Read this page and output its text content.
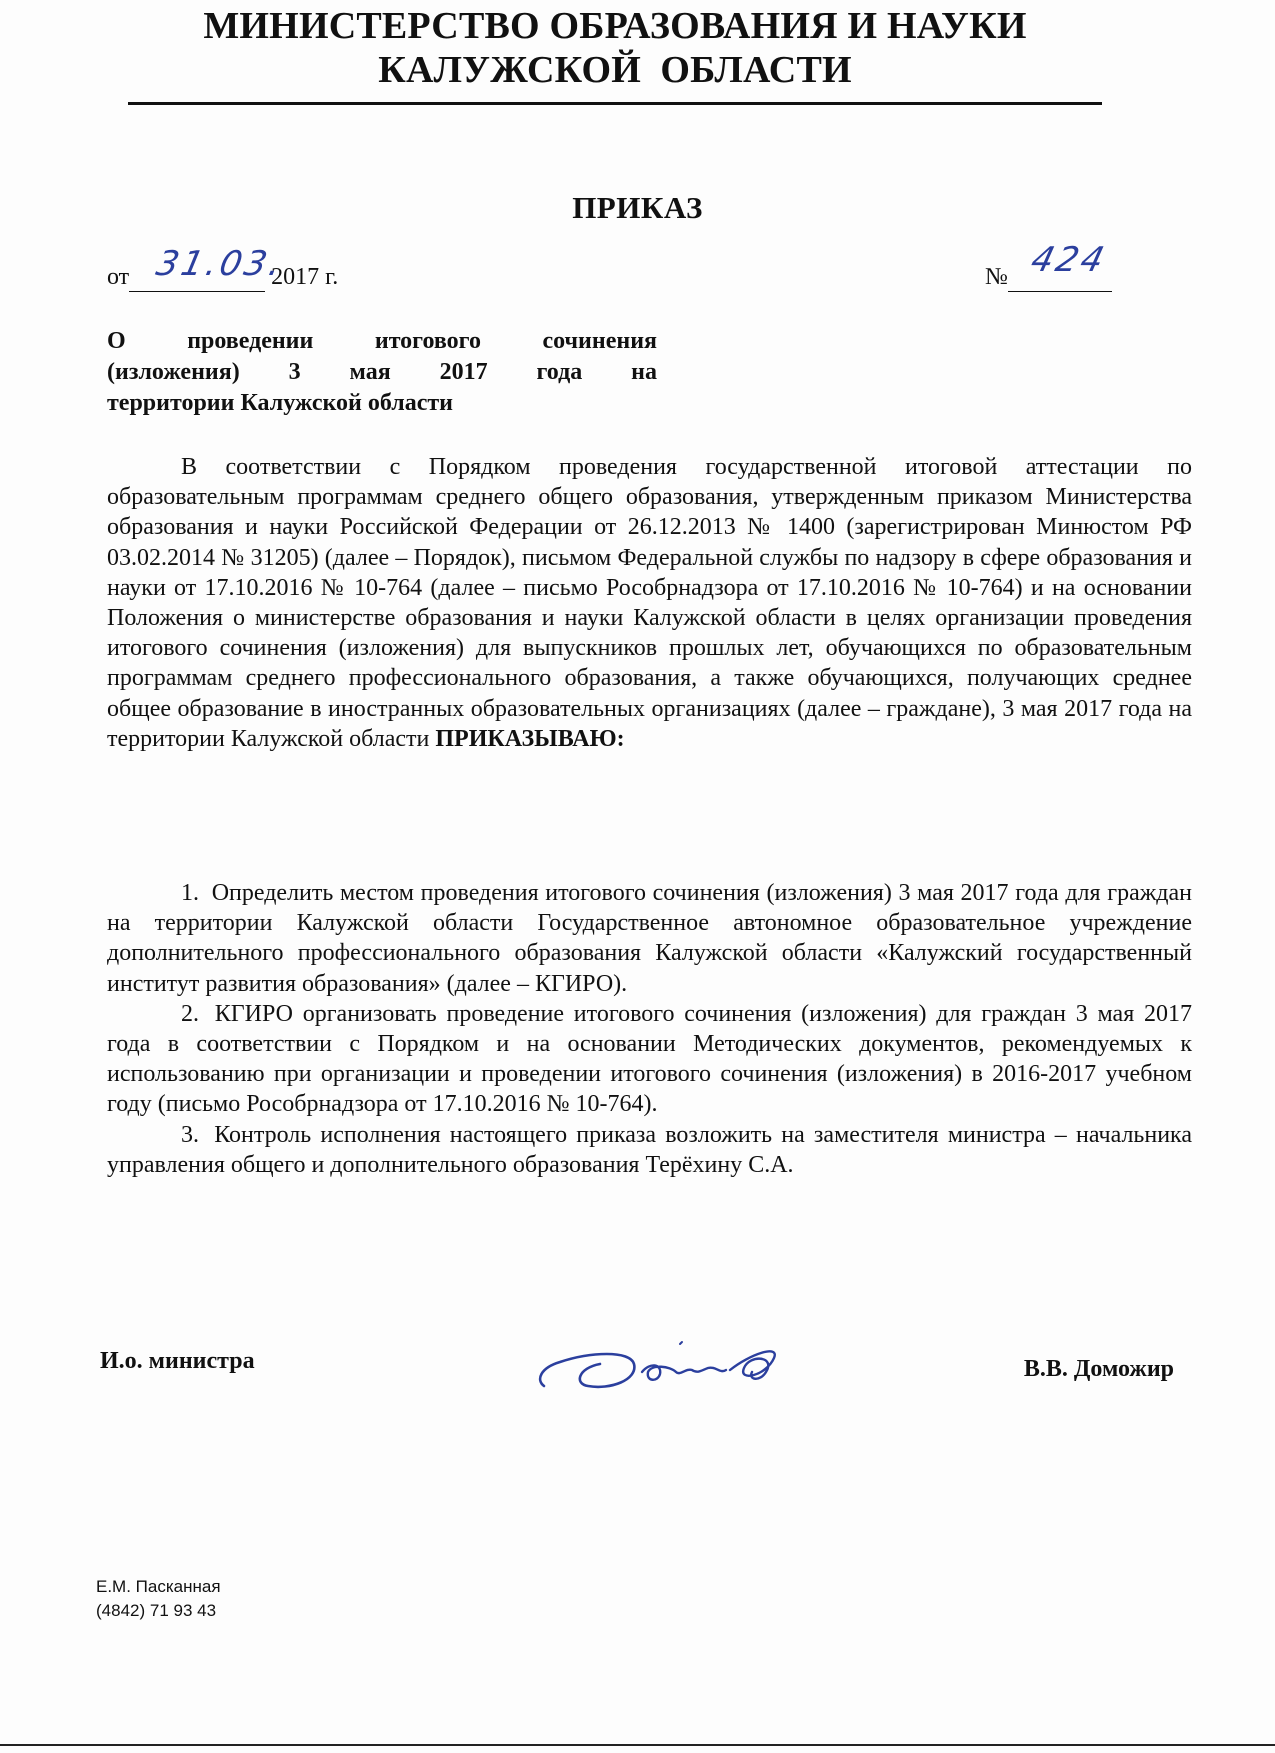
МИНИСТЕРСТВО ОБРАЗОВАНИЯ И НАУКИ
КАЛУЖСКОЙ  ОБЛАСТИ
ПРИКАЗ
от 31.03.
2017 г.	№ 424
О    проведении    итогового    сочинения
(изложения)    3    мая    2017    года    на
территории Калужской области
В соответствии с Порядком проведения государственной итоговой аттестации по образовательным программам среднего общего образования, утвержденным приказом Министерства образования и науки Российской Федерации от 26.12.2013 № 1400 (зарегистрирован Минюстом РФ 03.02.2014 № 31205) (далее – Порядок), письмом Федеральной службы по надзору в сфере образования и науки от 17.10.2016 № 10-764 (далее – письмо Рособрнадзора от 17.10.2016 № 10-764) и на основании Положения о министерстве образования и науки Калужской области в целях организации проведения итогового сочинения (изложения) для выпускников прошлых лет, обучающихся по образовательным программам среднего профессионального образования, а также обучающихся, получающих среднее общее образование в иностранных образовательных организациях (далее – граждане), 3 мая 2017 года на территории Калужской области ПРИКАЗЫВАЮ:
1. Определить местом проведения итогового сочинения (изложения) 3 мая 2017 года для граждан на территории Калужской области Государственное автономное образовательное учреждение дополнительного профессионального образования Калужской области «Калужский государственный институт развития образования» (далее – КГИРО).
2. КГИРО организовать проведение итогового сочинения (изложения) для граждан 3 мая 2017 года в соответствии с Порядком и на основании Методических документов, рекомендуемых к использованию при организации и проведении итогового сочинения (изложения) в 2016-2017 учебном году (письмо Рособрнадзора от 17.10.2016 № 10-764).
3. Контроль исполнения настоящего приказа возложить на заместителя министра – начальника управления общего и дополнительного образования Терёхину С.А.
И.о. министра	В.В. Доможир
Е.М. Пасканная
(4842) 71 93 43
